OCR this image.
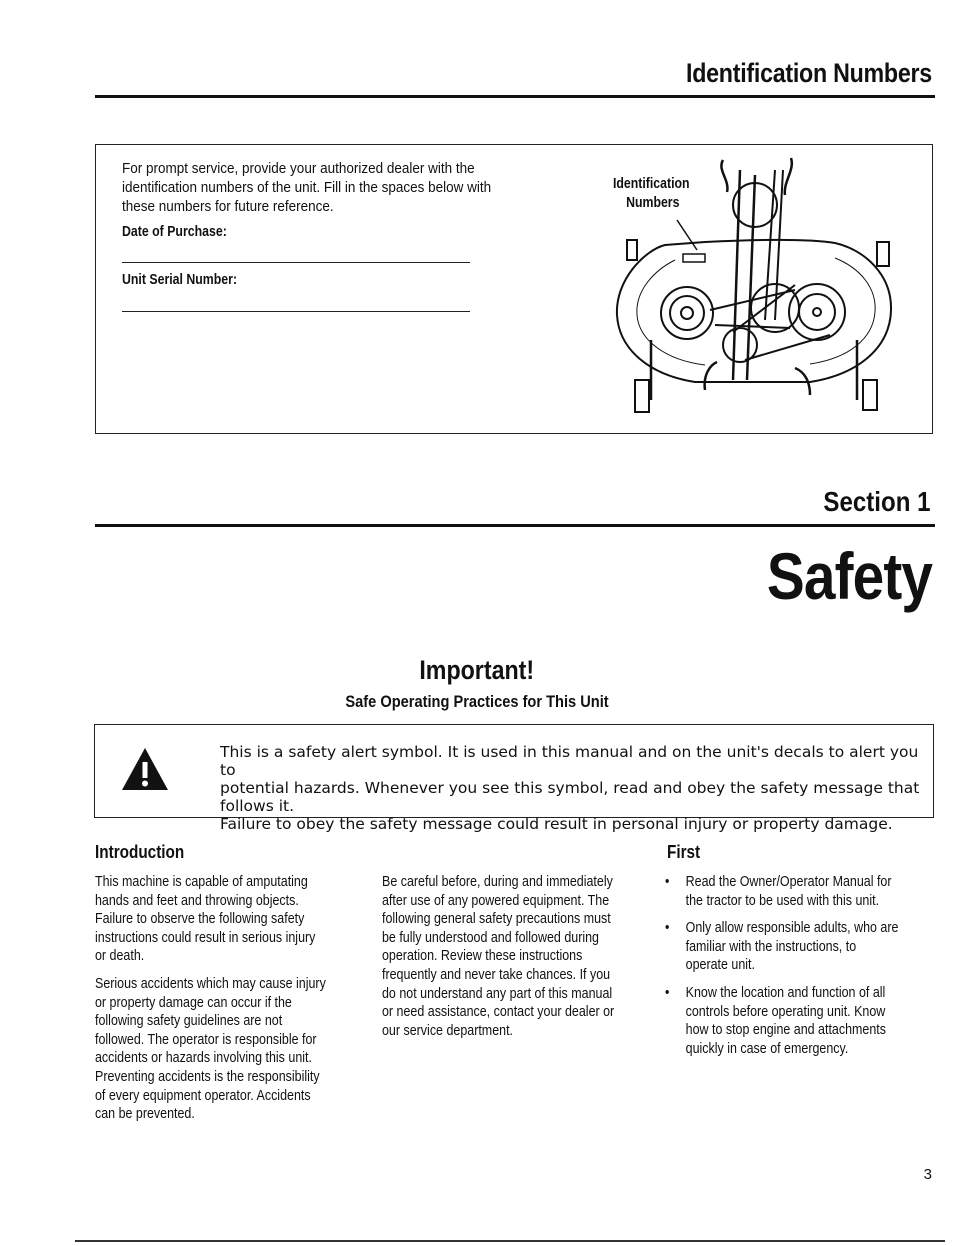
Identification Numbers
For prompt service, provide your authorized dealer with the
identification numbers of the unit. Fill in the spaces below with
these numbers for future reference.
Date of Purchase:
Unit Serial Number:
Identification
Numbers
Section 1
Safety
Important!
Safe Operating Practices for This Unit
This is a safety alert symbol. It is used in this manual and on the unit's decals to alert you to
potential hazards. Whenever you see this symbol, read and obey the safety message that follows it.
Failure to obey the safety message could result in personal injury or property damage.
Introduction
This machine is capable of amputating
hands and feet and throwing objects.
Failure to observe the following safety
instructions could result in serious injury
or death.
Serious accidents which may cause injury
or property damage can occur if the
following safety guidelines are not
followed. The operator is responsible for
accidents or hazards involving this unit.
Preventing accidents is the responsibility
of every equipment operator. Accidents
can be prevented.
Be careful before, during and immediately
after use of any powered equipment. The
following general safety precautions must
be fully understood and followed during
operation. Review these instructions
frequently and never take chances. If you
do not understand any part of this manual
or need assistance, contact your dealer or
our service department.
First
• Read the Owner/Operator Manual for
the tractor to be used with this unit.
• Only allow responsible adults, who are
familiar with the instructions, to
operate unit.
• Know the location and function of all
controls before operating unit. Know
how to stop engine and attachments
quickly in case of emergency.
3
